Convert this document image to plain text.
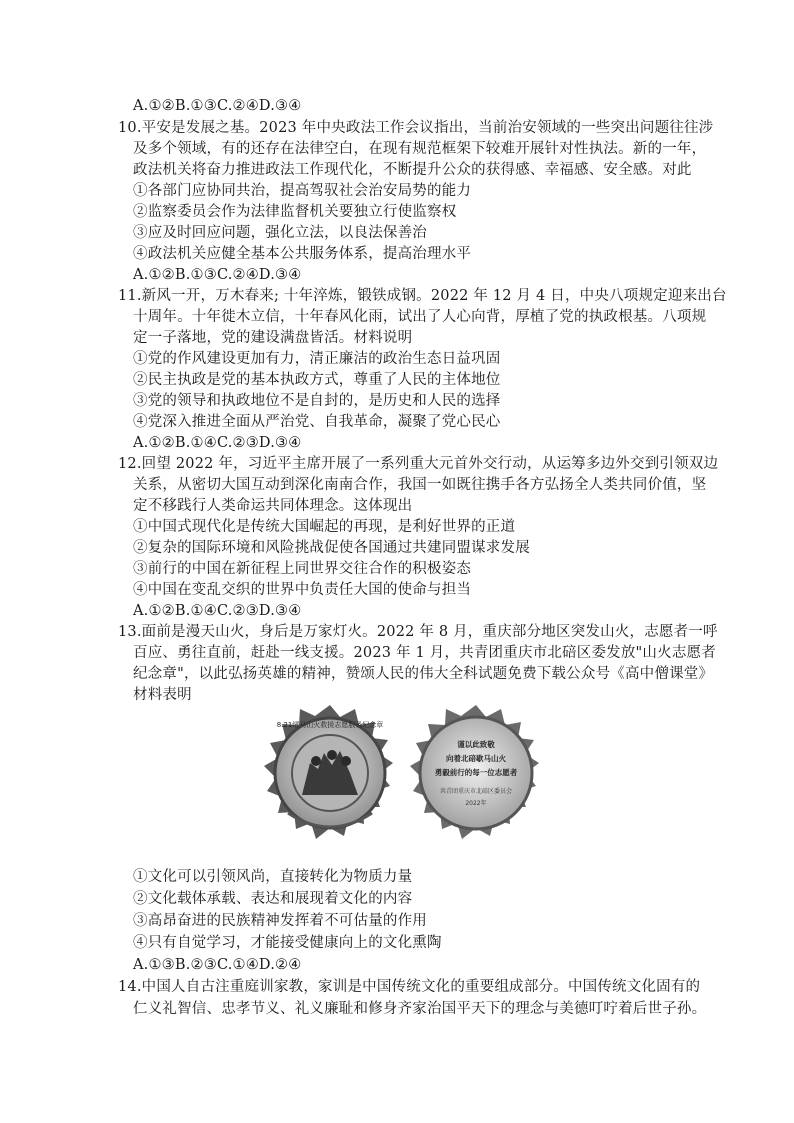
A.①②B.①③C.②④D.③④
10.平安是发展之基。2023 年中央政法工作会议指出，当前治安领域的一些突出问题往往涉
及多个领域，有的还存在法律空白，在现有规范框架下较难开展针对性执法。新的一年，
政法机关将奋力推进政法工作现代化，不断提升公众的获得感、幸福感、安全感。对此
①各部门应协同共治，提高驾驭社会治安局势的能力
②监察委员会作为法律监督机关要独立行使监察权
③应及时回应问题，强化立法，以良法保善治
④政法机关应健全基本公共服务体系，提高治理水平
A.①②B.①③C.②④D.③④
11.新风一开，万木春来; 十年淬炼，锻铁成钢。2022 年 12 月 4 日，中央八项规定迎来出台
十周年。十年徙木立信，十年春风化雨，试出了人心向背，厚植了党的执政根基。八项规
定一子落地，党的建设满盘皆活。材料说明
①党的作风建设更加有力，清正廉洁的政治生态日益巩固
②民主执政是党的基本执政方式，尊重了人民的主体地位
③党的领导和执政地位不是自封的，是历史和人民的选择
④党深入推进全面从严治党、自我革命，凝聚了党心民心
A.①②B.①④C.②③D.③④
12.回望 2022 年，习近平主席开展了一系列重大元首外交行动，从运筹多边外交到引领双边
关系，从密切大国互动到深化南南合作，我国一如既往携手各方弘扬全人类共同价值，坚
定不移践行人类命运共同体理念。这体现出
①中国式现代化是传统大国崛起的再现，是利好世界的正道
②复杂的国际环境和风险挑战促使各国通过共建同盟谋求发展
③前行的中国在新征程上同世界交往合作的积极姿态
④中国在变乱交织的世界中负责任大国的使命与担当
A.①②B.①④C.②③D.③④
13.面前是漫天山火，身后是万家灯火。2022 年 8 月，重庆部分地区突发山火，志愿者一呼
百应、勇往直前，赶赴一线支援。2023 年 1 月，共青团重庆市北碚区委发放"山火志愿者
纪念章"，以此弘扬英雄的精神，赞颂人民的伟大全科试题免费下载公众号《高中僧课堂》
材料表明
8.21缙马山火救援志愿服务纪念章
谨以此致敬
向着北碚歇马山火
勇毅前行的每一位志愿者
共青团重庆市北碚区委员会
2022年
①文化可以引领风尚，直接转化为物质力量
②文化载体承载、表达和展现着文化的内容
③高昂奋进的民族精神发挥着不可估量的作用
④只有自觉学习，才能接受健康向上的文化熏陶
A.①③B.②③C.①④D.②④
14.中国人自古注重庭训家教，家训是中国传统文化的重要组成部分。中国传统文化固有的
仁义礼智信、忠孝节义、礼义廉耻和修身齐家治国平天下的理念与美德叮咛着后世子孙。
